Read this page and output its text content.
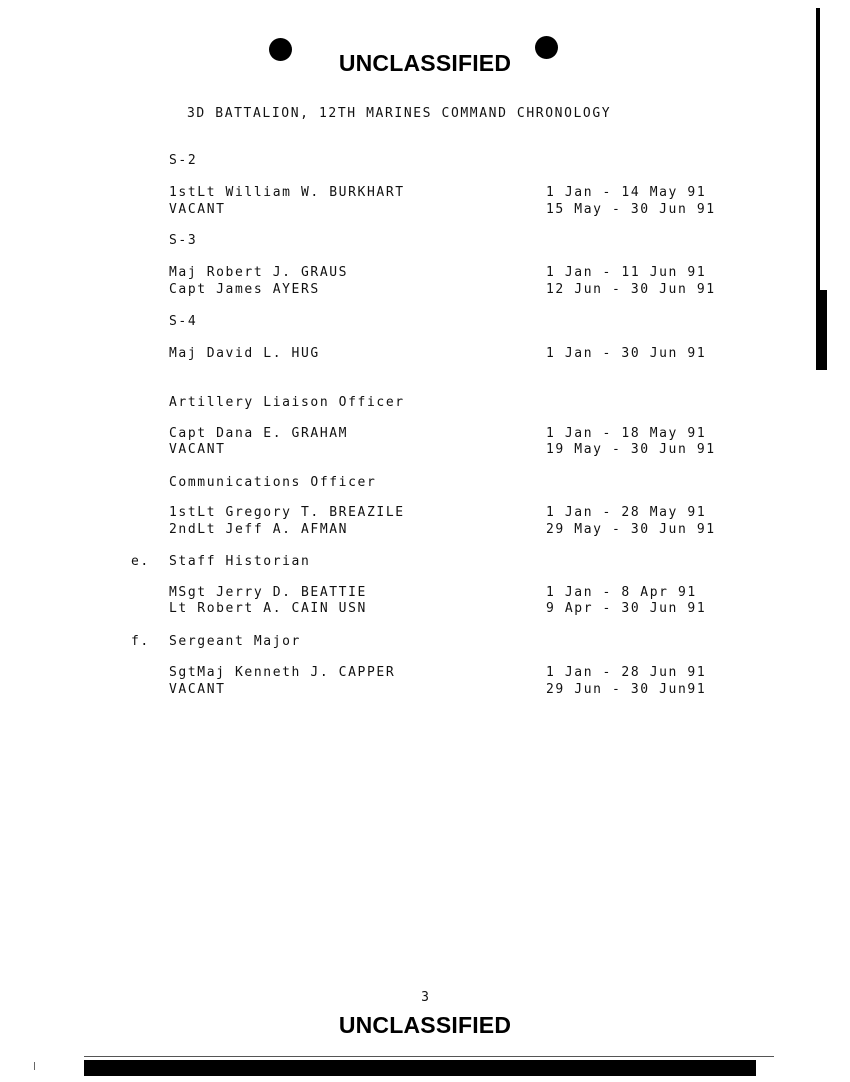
UNCLASSIFIED
3D BATTALION, 12TH MARINES COMMAND CHRONOLOGY
S-2
1stLt William W. BURKHART	1 Jan - 14 May 91
VACANT	15 May - 30 Jun 91
S-3
Maj Robert J. GRAUS	1 Jan - 11 Jun 91
Capt James AYERS	12 Jun - 30 Jun 91
S-4
Maj David L. HUG	1 Jan - 30 Jun 91
Artillery Liaison Officer
Capt Dana E. GRAHAM	1 Jan - 18 May 91
VACANT	19 May - 30 Jun 91
Communications Officer
1stLt Gregory T. BREAZILE	1 Jan - 28 May 91
2ndLt Jeff A. AFMAN	29 May - 30 Jun 91
e. Staff Historian
MSgt Jerry D. BEATTIE	1 Jan - 8 Apr 91
Lt Robert A. CAIN USN	9 Apr - 30 Jun 91
f. Sergeant Major
SgtMaj Kenneth J. CAPPER	1 Jan - 28 Jun 91
VACANT	29 Jun - 30 Jun91
3
UNCLASSIFIED
